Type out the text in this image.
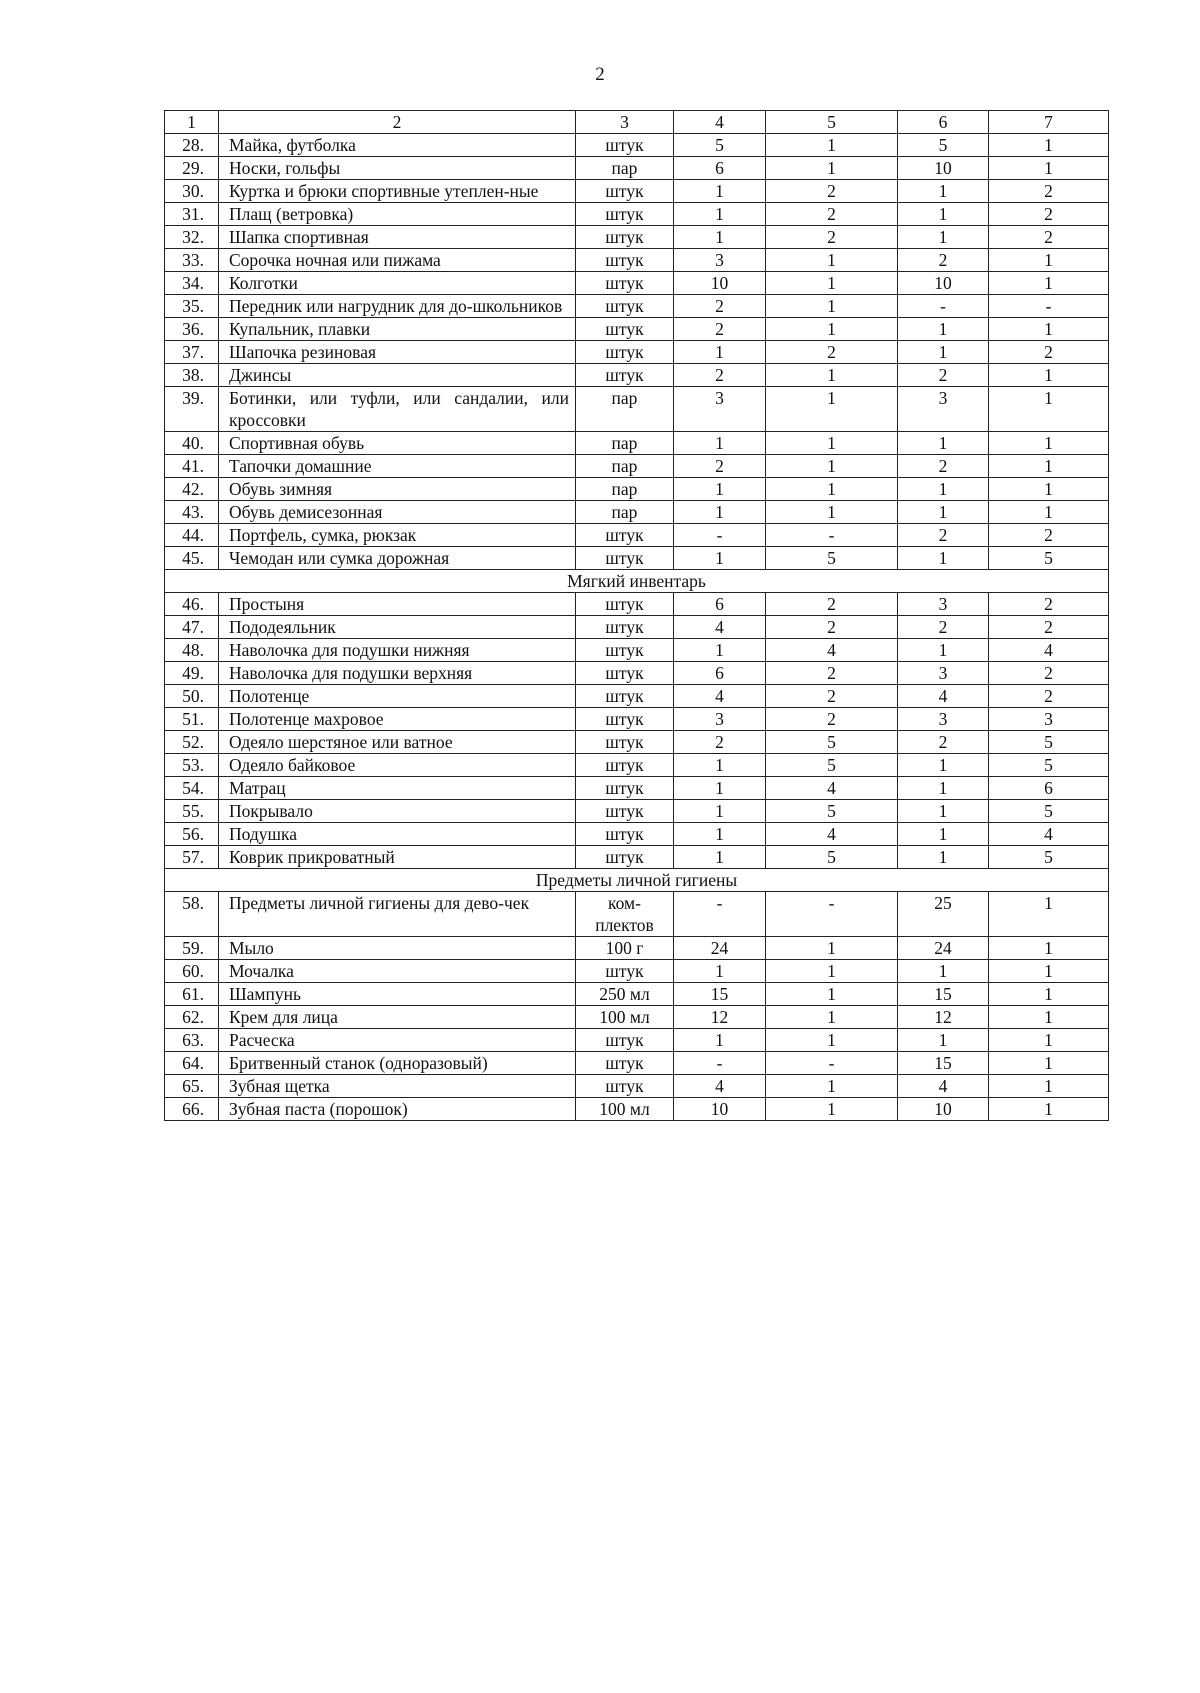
2
1	2	3	4	5	6	7
28.	Майка, футболка	штук	5	1	5	1
29.	Носки, гольфы	пар	6	1	10	1
30.	Куртка и брюки спортивные утеплен-ные	штук	1	2	1	2
31.	Плащ (ветровка)	штук	1	2	1	2
32.	Шапка спортивная	штук	1	2	1	2
33.	Сорочка ночная или пижама	штук	3	1	2	1
34.	Колготки	штук	10	1	10	1
35.	Передник или нагрудник для до-школьников	штук	2	1	-	-
36.	Купальник, плавки	штук	2	1	1	1
37.	Шапочка резиновая	штук	1	2	1	2
38.	Джинсы	штук	2	1	2	1
39.	Ботинки, или туфли, или сандалии, или кроссовки	пар	3	1	3	1
40.	Спортивная обувь	пар	1	1	1	1
41.	Тапочки домашние	пар	2	1	2	1
42.	Обувь зимняя	пар	1	1	1	1
43.	Обувь демисезонная	пар	1	1	1	1
44.	Портфель, сумка, рюкзак	штук	-	-	2	2
45.	Чемодан или сумка дорожная	штук	1	5	1	5
Мягкий инвентарь						
46.	Простыня	штук	6	2	3	2
47.	Пододеяльник	штук	4	2	2	2
48.	Наволочка для подушки нижняя	штук	1	4	1	4
49.	Наволочка для подушки верхняя	штук	6	2	3	2
50.	Полотенце	штук	4	2	4	2
51.	Полотенце махровое	штук	3	2	3	3
52.	Одеяло шерстяное или ватное	штук	2	5	2	5
53.	Одеяло байковое	штук	1	5	1	5
54.	Матрац	штук	1	4	1	6
55.	Покрывало	штук	1	5	1	5
56.	Подушка	штук	1	4	1	4
57.	Коврик прикроватный	штук	1	5	1	5
Предметы личной гигиены						
58.	Предметы личной гигиены для дево-чек	ком-плектов	-	-	25	1
59.	Мыло	100 г	24	1	24	1
60.	Мочалка	штук	1	1	1	1
61.	Шампунь	250 мл	15	1	15	1
62.	Крем для лица	100 мл	12	1	12	1
63.	Расческа	штук	1	1	1	1
64.	Бритвенный станок (одноразовый)	штук	-	-	15	1
65.	Зубная щетка	штук	4	1	4	1
66.	Зубная паста (порошок)	100 мл	10	1	10	1
